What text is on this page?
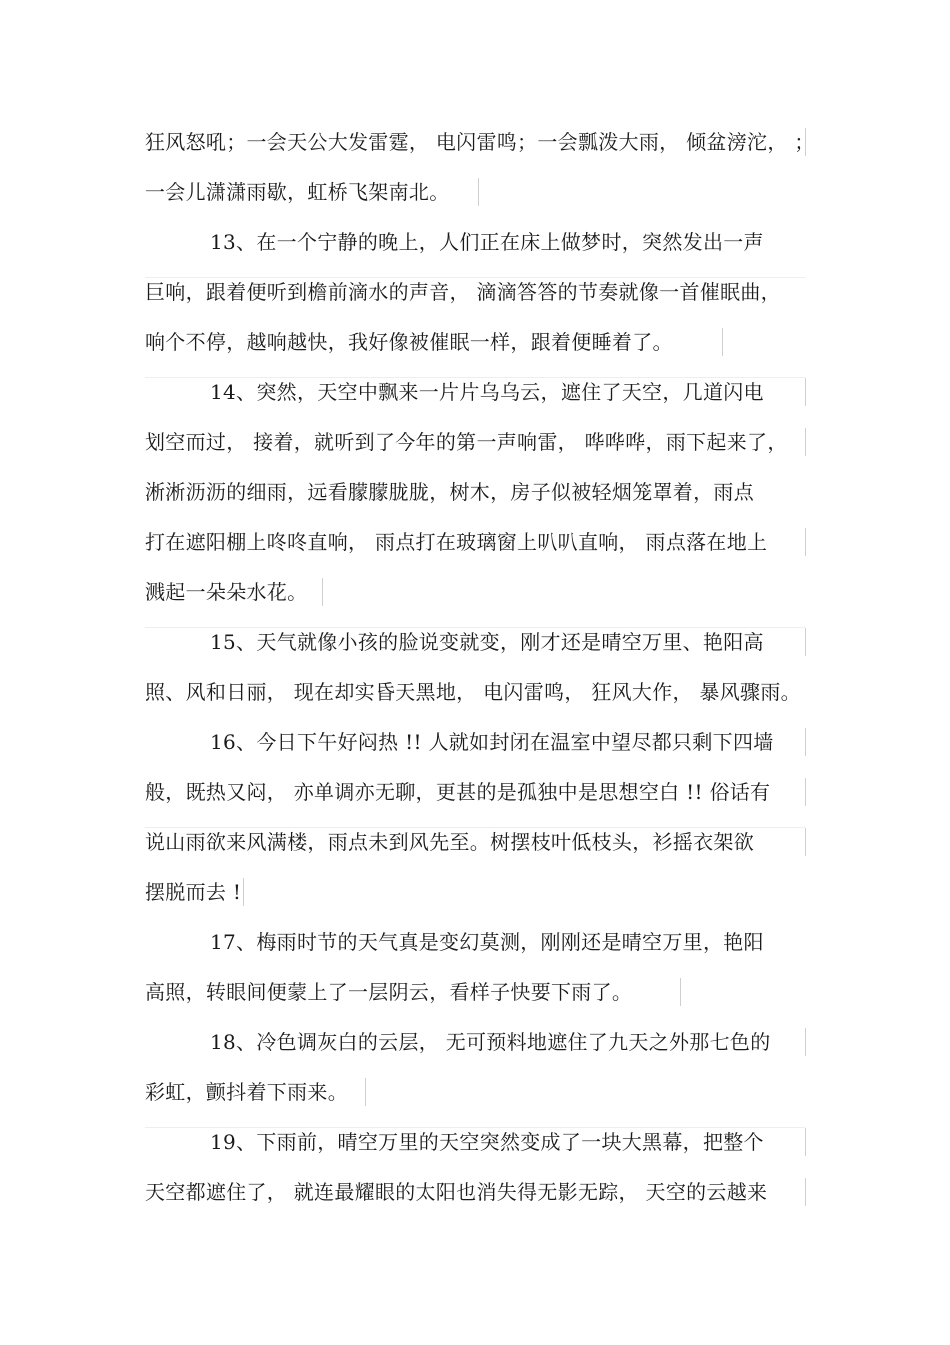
狂风怒吼；一会天公大发雷霆， 电闪雷鸣；一会瓢泼大雨， 倾盆滂沱， ；
一会儿潇潇雨歇，虹桥飞架南北。
13、在一个宁静的晚上，人们正在床上做梦时，突然发出一声
巨响，跟着便听到檐前滴水的声音， 滴滴答答的节奏就像一首催眠曲，
响个不停，越响越快，我好像被催眠一样，跟着便睡着了。
14、突然，天空中飘来一片片乌乌云，遮住了天空，几道闪电
划空而过， 接着，就听到了今年的第一声响雷， 哗哗哗，雨下起来了，
淅淅沥沥的细雨，远看朦朦胧胧，树木，房子似被轻烟笼罩着，雨点
打在遮阳棚上咚咚直响， 雨点打在玻璃窗上叭叭直响， 雨点落在地上
溅起一朵朵水花。
15、天气就像小孩的脸说变就变，刚才还是晴空万里、艳阳高
照、风和日丽， 现在却实昏天黑地， 电闪雷鸣， 狂风大作， 暴风骤雨。
16、今日下午好闷热 !! 人就如封闭在温室中望尽都只剩下四墙
般，既热又闷， 亦单调亦无聊，更甚的是孤独中是思想空白 !! 俗话有
说山雨欲来风满楼，雨点未到风先至。树摆枝叶低枝头，衫摇衣架欲
摆脱而去 !
17、梅雨时节的天气真是变幻莫测，刚刚还是晴空万里，艳阳
高照，转眼间便蒙上了一层阴云，看样子快要下雨了。
18、冷色调灰白的云层， 无可预料地遮住了九天之外那七色的
彩虹，颤抖着下雨来。
19、下雨前，晴空万里的天空突然变成了一块大黑幕，把整个
天空都遮住了， 就连最耀眼的太阳也消失得无影无踪， 天空的云越来
